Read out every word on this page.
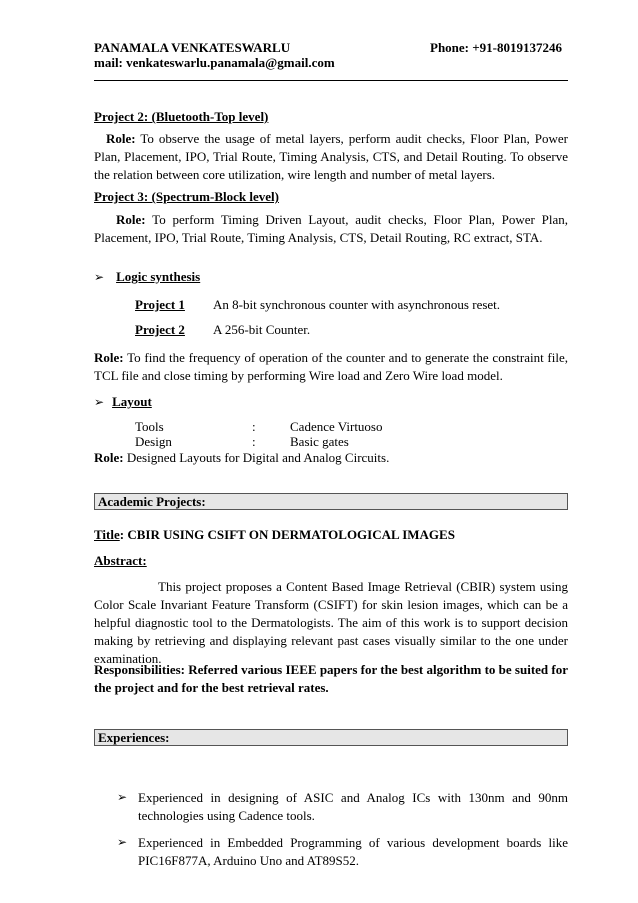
PANAMALA VENKATESWARLU	Phone: +91-8019137246
mail: venkateswarlu.panamala@gmail.com
Project 2: (Bluetooth-Top level)
Role: To observe the usage of metal layers, perform audit checks, Floor Plan, Power Plan, Placement, IPO, Trial Route, Timing Analysis, CTS, and Detail Routing. To observe the relation between core utilization, wire length and number of metal layers.
Project 3: (Spectrum-Block level)
Role: To perform Timing Driven Layout, audit checks, Floor Plan, Power Plan, Placement, IPO, Trial Route, Timing Analysis, CTS, Detail Routing, RC extract, STA.
➢ Logic synthesis
Project 1 An 8-bit synchronous counter with asynchronous reset.
Project 2 A 256-bit Counter.
Role: To find the frequency of operation of the counter and to generate the constraint file, TCL file and close timing by performing Wire load and Zero Wire load model.
➢ Layout
Tools	:	Cadence Virtuoso
Design	:	Basic gates
Role: Designed Layouts for Digital and Analog Circuits.
Academic Projects:
Title: CBIR USING CSIFT ON DERMATOLOGICAL IMAGES
Abstract:
This project proposes a Content Based Image Retrieval (CBIR) system using Color Scale Invariant Feature Transform (CSIFT) for skin lesion images, which can be a helpful diagnostic tool to the Dermatologists. The aim of this work is to support decision making by retrieving and displaying relevant past cases visually similar to the one under examination.
Responsibilities: Referred various IEEE papers for the best algorithm to be suited for the project and for the best retrieval rates.
Experiences:
➢ Experienced in designing of ASIC and Analog ICs with 130nm and 90nm technologies using Cadence tools.
➢ Experienced in Embedded Programming of various development boards like PIC16F877A, Arduino Uno and AT89S52.
